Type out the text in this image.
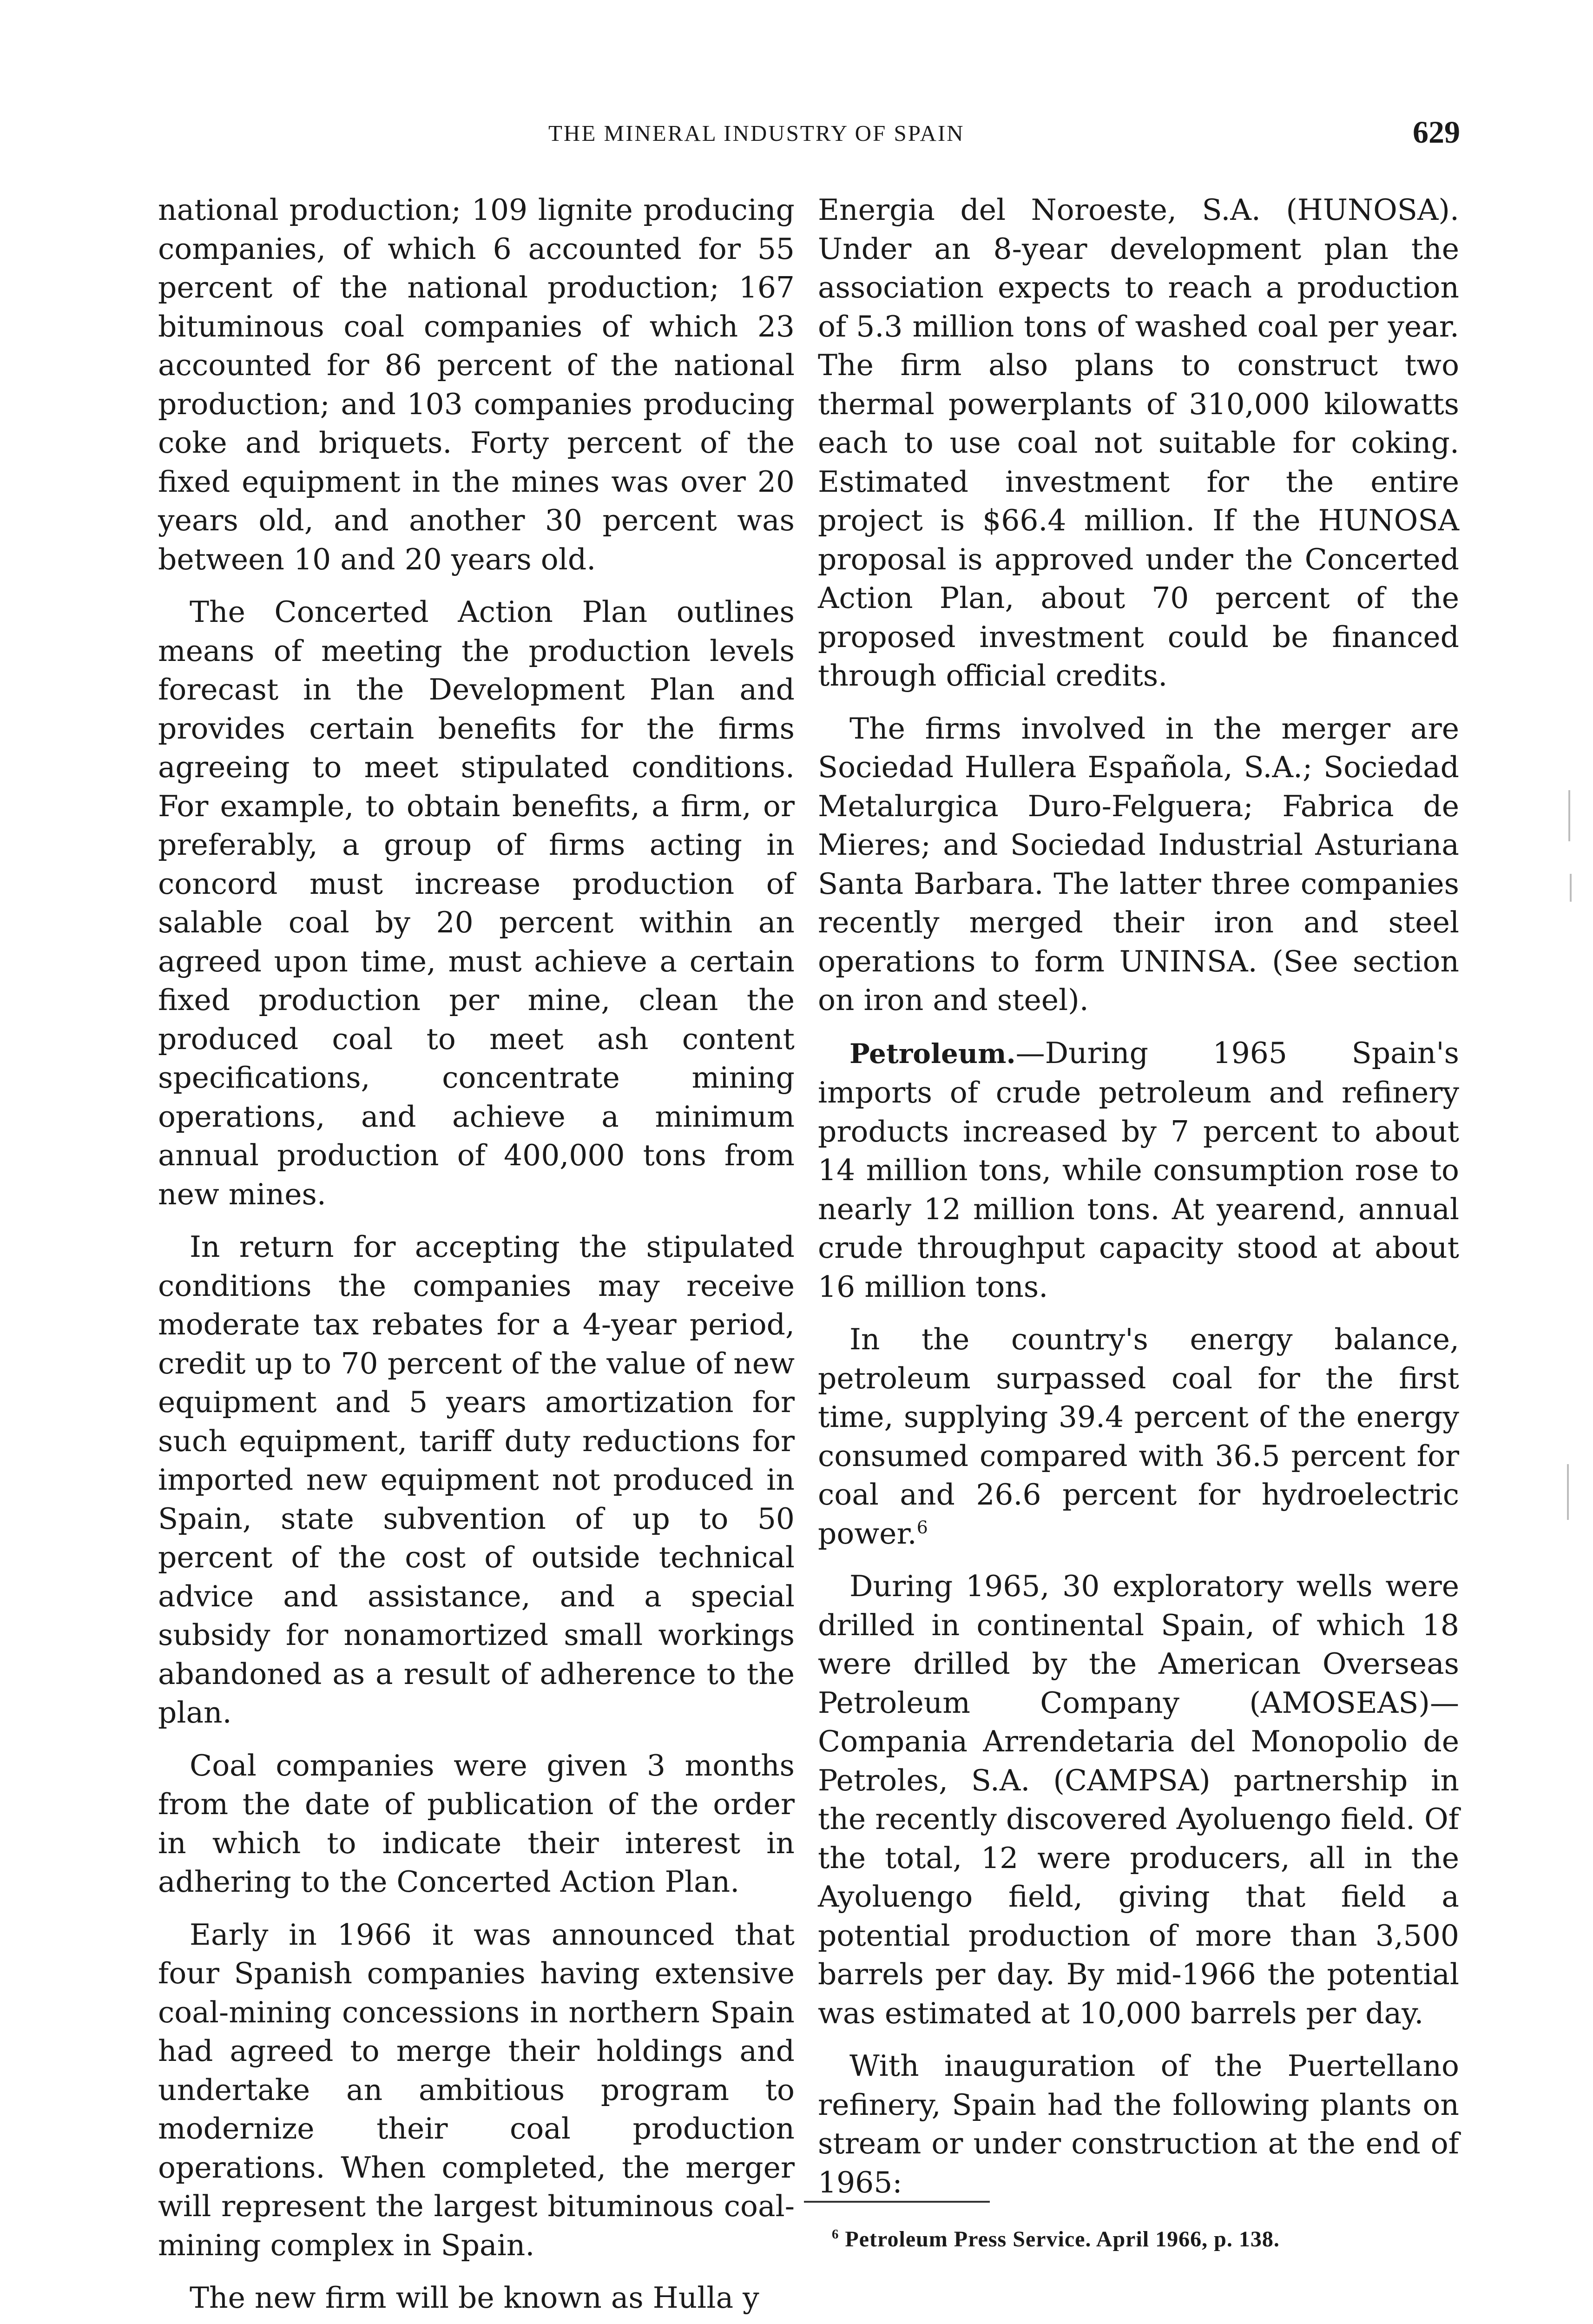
THE MINERAL INDUSTRY OF SPAIN	629

national production; 109 lignite producing companies, of which 6 accounted for 55 percent of the national production; 167 bituminous coal companies of which 23 accounted for 86 percent of the national production; and 103 companies producing coke and briquets. Forty percent of the fixed equipment in the mines was over 20 years old, and another 30 percent was between 10 and 20 years old.

The Concerted Action Plan outlines means of meeting the production levels forecast in the Development Plan and provides certain benefits for the firms agreeing to meet stipulated conditions. For example, to obtain benefits, a firm, or preferably, a group of firms acting in concord must increase production of salable coal by 20 percent within an agreed upon time, must achieve a certain fixed production per mine, clean the produced coal to meet ash content specifications, concentrate mining operations, and achieve a minimum annual production of 400,000 tons from new mines.

In return for accepting the stipulated conditions the companies may receive moderate tax rebates for a 4-year period, credit up to 70 percent of the value of new equipment and 5 years amortization for such equipment, tariff duty reductions for imported new equipment not produced in Spain, state subvention of up to 50 percent of the cost of outside technical advice and assistance, and a special subsidy for nonamortized small workings abandoned as a result of adherence to the plan.

Coal companies were given 3 months from the date of publication of the order in which to indicate their interest in adhering to the Concerted Action Plan.

Early in 1966 it was announced that four Spanish companies having extensive coal-mining concessions in northern Spain had agreed to merge their holdings and undertake an ambitious program to modernize their coal production operations. When completed, the merger will represent the largest bituminous coal-mining complex in Spain.

The new firm will be known as Hulla y

Energia del Noroeste, S.A. (HUNOSA). Under an 8-year development plan the association expects to reach a production of 5.3 million tons of washed coal per year. The firm also plans to construct two thermal powerplants of 310,000 kilowatts each to use coal not suitable for coking. Estimated investment for the entire project is $66.4 million. If the HUNOSA proposal is approved under the Concerted Action Plan, about 70 percent of the proposed investment could be financed through official credits.

The firms involved in the merger are Sociedad Hullera Española, S.A.; Sociedad Metalurgica Duro-Felguera; Fabrica de Mieres; and Sociedad Industrial Asturiana Santa Barbara. The latter three companies recently merged their iron and steel operations to form UNINSA. (See section on iron and steel).

Petroleum.—During 1965 Spain's imports of crude petroleum and refinery products increased by 7 percent to about 14 million tons, while consumption rose to nearly 12 million tons. At yearend, annual crude throughput capacity stood at about 16 million tons.

In the country's energy balance, petroleum surpassed coal for the first time, supplying 39.4 percent of the energy consumed compared with 36.5 percent for coal and 26.6 percent for hydroelectric power.$^6$

During 1965, 30 exploratory wells were drilled in continental Spain, of which 18 were drilled by the American Overseas Petroleum Company (AMOSEAS)—Compania Arrendetaria del Monopolio de Petroles, S.A. (CAMPSA) partnership in the recently discovered Ayoluengo field. Of the total, 12 were producers, all in the Ayoluengo field, giving that field a potential production of more than 3,500 barrels per day. By mid-1966 the potential was estimated at 10,000 barrels per day.

With inauguration of the Puertellano refinery, Spain had the following plants on stream or under construction at the end of 1965:

$^6$ Petroleum Press Service. April 1966, p. 138.
